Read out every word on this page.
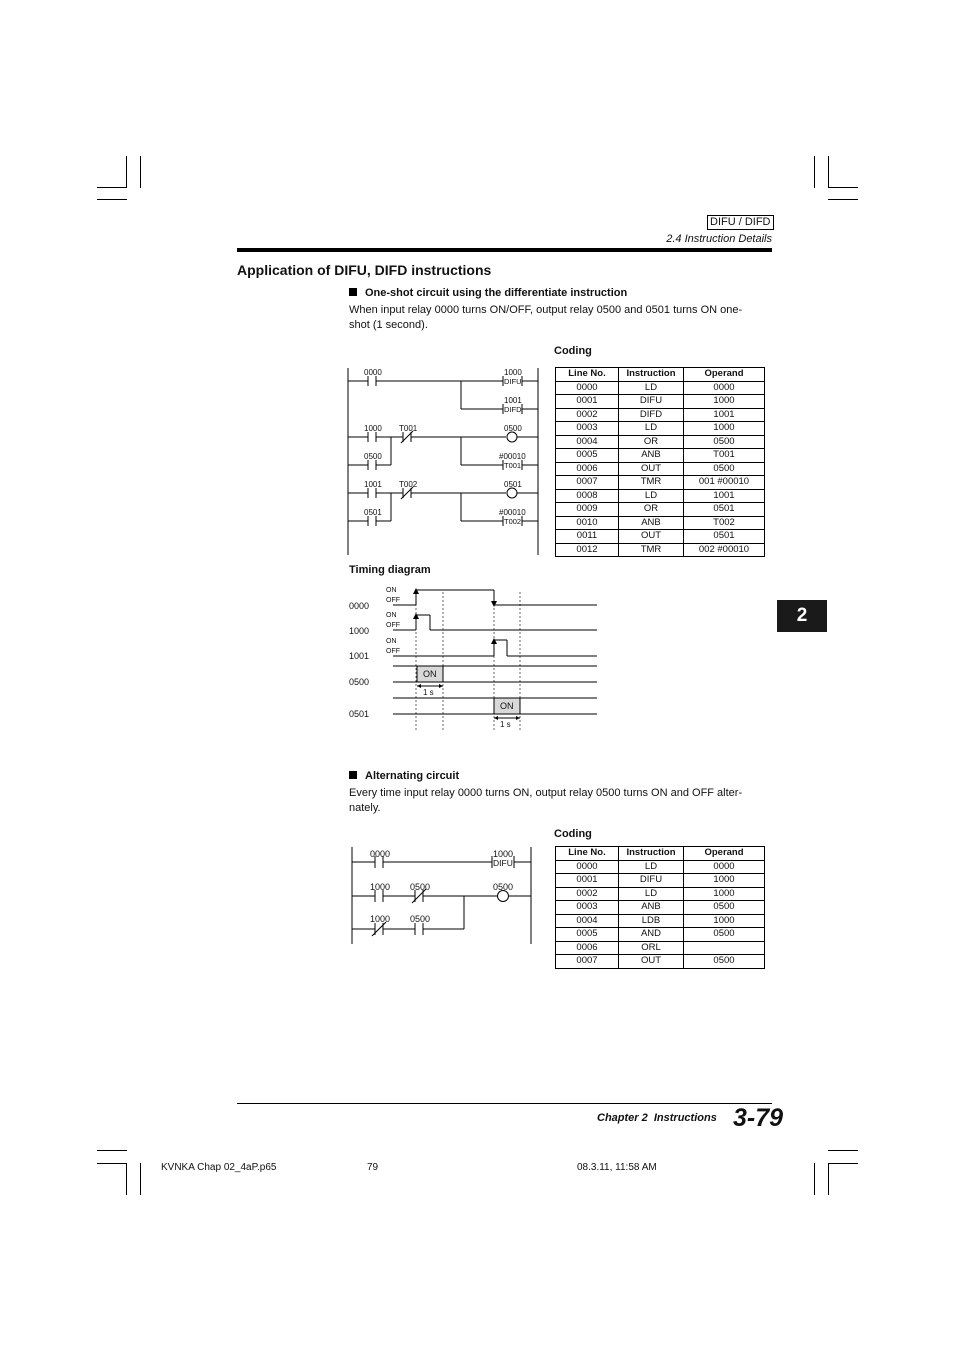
DIFU / DIFD
2.4 Instruction Details
Application of DIFU, DIFD instructions
One-shot circuit using the differentiate instruction
When input relay 0000 turns ON/OFF, output relay 0500 and 0501 turns ON one-
shot (1 second).
Coding
0000	1000
DIFU
1001
DIFD
1000 T001	0500
0500	#00010
T001
1001 T002	0501
0501	#00010
T002
Line No.	Instruction	Operand
0000	LD	0000
0001	DIFU	1000
0002	DIFD	1001
0003	LD	1000
0004	OR	0500
0005	ANB	T001
0006	OUT	0500
0007	TMR	001 #00010
0008	LD	1001
0009	OR	0501
0010	ANB	T002
0011	OUT	0501
0012	TMR	002 #00010
Timing diagram
0000
1000
1001
0500
0501
ON
OFF
ON
OFF
ON
OFF
ON
1 s
ON
1 s
Alternating circuit
Every time input relay 0000 turns ON, output relay 0500 turns ON and OFF alter-
nately.
Coding
0000	1000
DIFU
1000 0500	0500
1000 0500
Line No.	Instruction	Operand
0000	LD	0000
0001	DIFU	1000
0002	LD	1000
0003	ANB	0500
0004	LDB	1000
0005	AND	0500
0006	ORL	
0007	OUT	0500
2
Chapter 2 Instructions 3-79
KVNKA Chap 02_4aP.p65	79	08.3.11, 11:58 AM
